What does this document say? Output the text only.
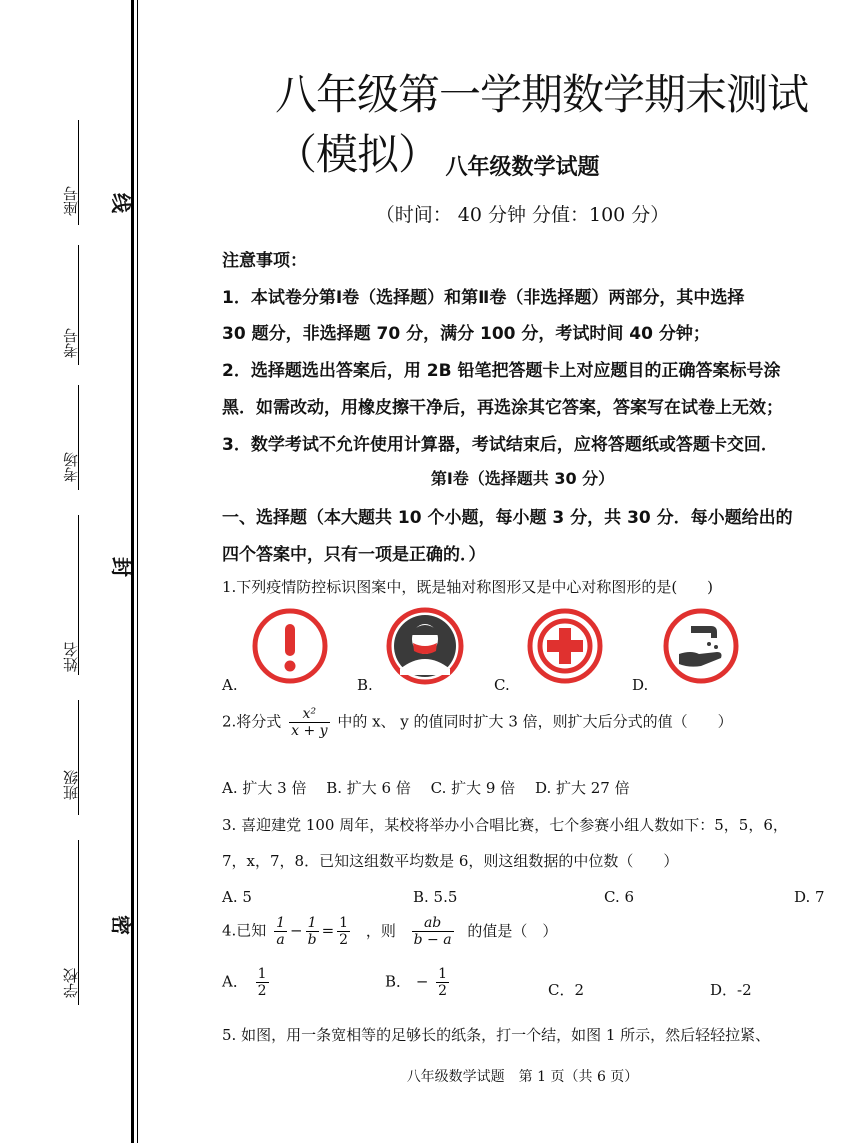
座号
考号
考场
姓名
班级
学校
线
封
密
八年级第一学期数学期末测试（模拟） 八年级数学试题
（时间： 40 分钟 分值：100 分）
注意事项：
1．本试卷分第Ⅰ卷（选择题）和第Ⅱ卷（非选择题）两部分，其中选择
30 题分，非选择题 70 分，满分 100 分，考试时间 40 分钟；
2．选择题选出答案后，用 2B 铅笔把答题卡上对应题目的正确答案标号涂
黑．如需改动，用橡皮擦干净后，再选涂其它答案，答案写在试卷上无效；
3．数学考试不允许使用计算器，考试结束后，应将答题纸或答题卡交回．
第Ⅰ卷（选择题共 30 分）
一、选择题（本大题共 10 个小题，每小题 3 分，共 30 分．每小题给出的
四个答案中，只有一项是正确的．）
1.下列疫情防控标识图案中，既是轴对称图形又是中心对称图形的是(　　)
A.	B.	C.	D.
2.将分式 $\frac{\text{x²}}{x + y}$ 中的 x、 y 的值同时扩大 3 倍，则扩大后分式的值（　　）
A. 扩大 3 倍　 B. 扩大 6 倍　 C. 扩大 9 倍　 D. 扩大 27 倍
3. 喜迎建党 100 周年，某校将举办小合唱比赛，七个参赛小组人数如下：5，5，6，
7，x，7，8．已知这组数平均数是 6，则这组数据的中位数（　　）
A. 5	B. 5.5	C. 6	D. 7
4.已知 $\frac{1}{a} - \frac{1}{b} = \frac{1}{2}$ ，则 $\frac{ab}{b - a}$ 的值是（　）
A． $\frac{1}{2}$	B． − $\frac{1}{2}$	C．2	D．-2
5. 如图，用一条宽相等的足够长的纸条，打一个结，如图 1 所示，然后轻轻拉紧、
八年级数学试题　第 1 页（共 6 页）
